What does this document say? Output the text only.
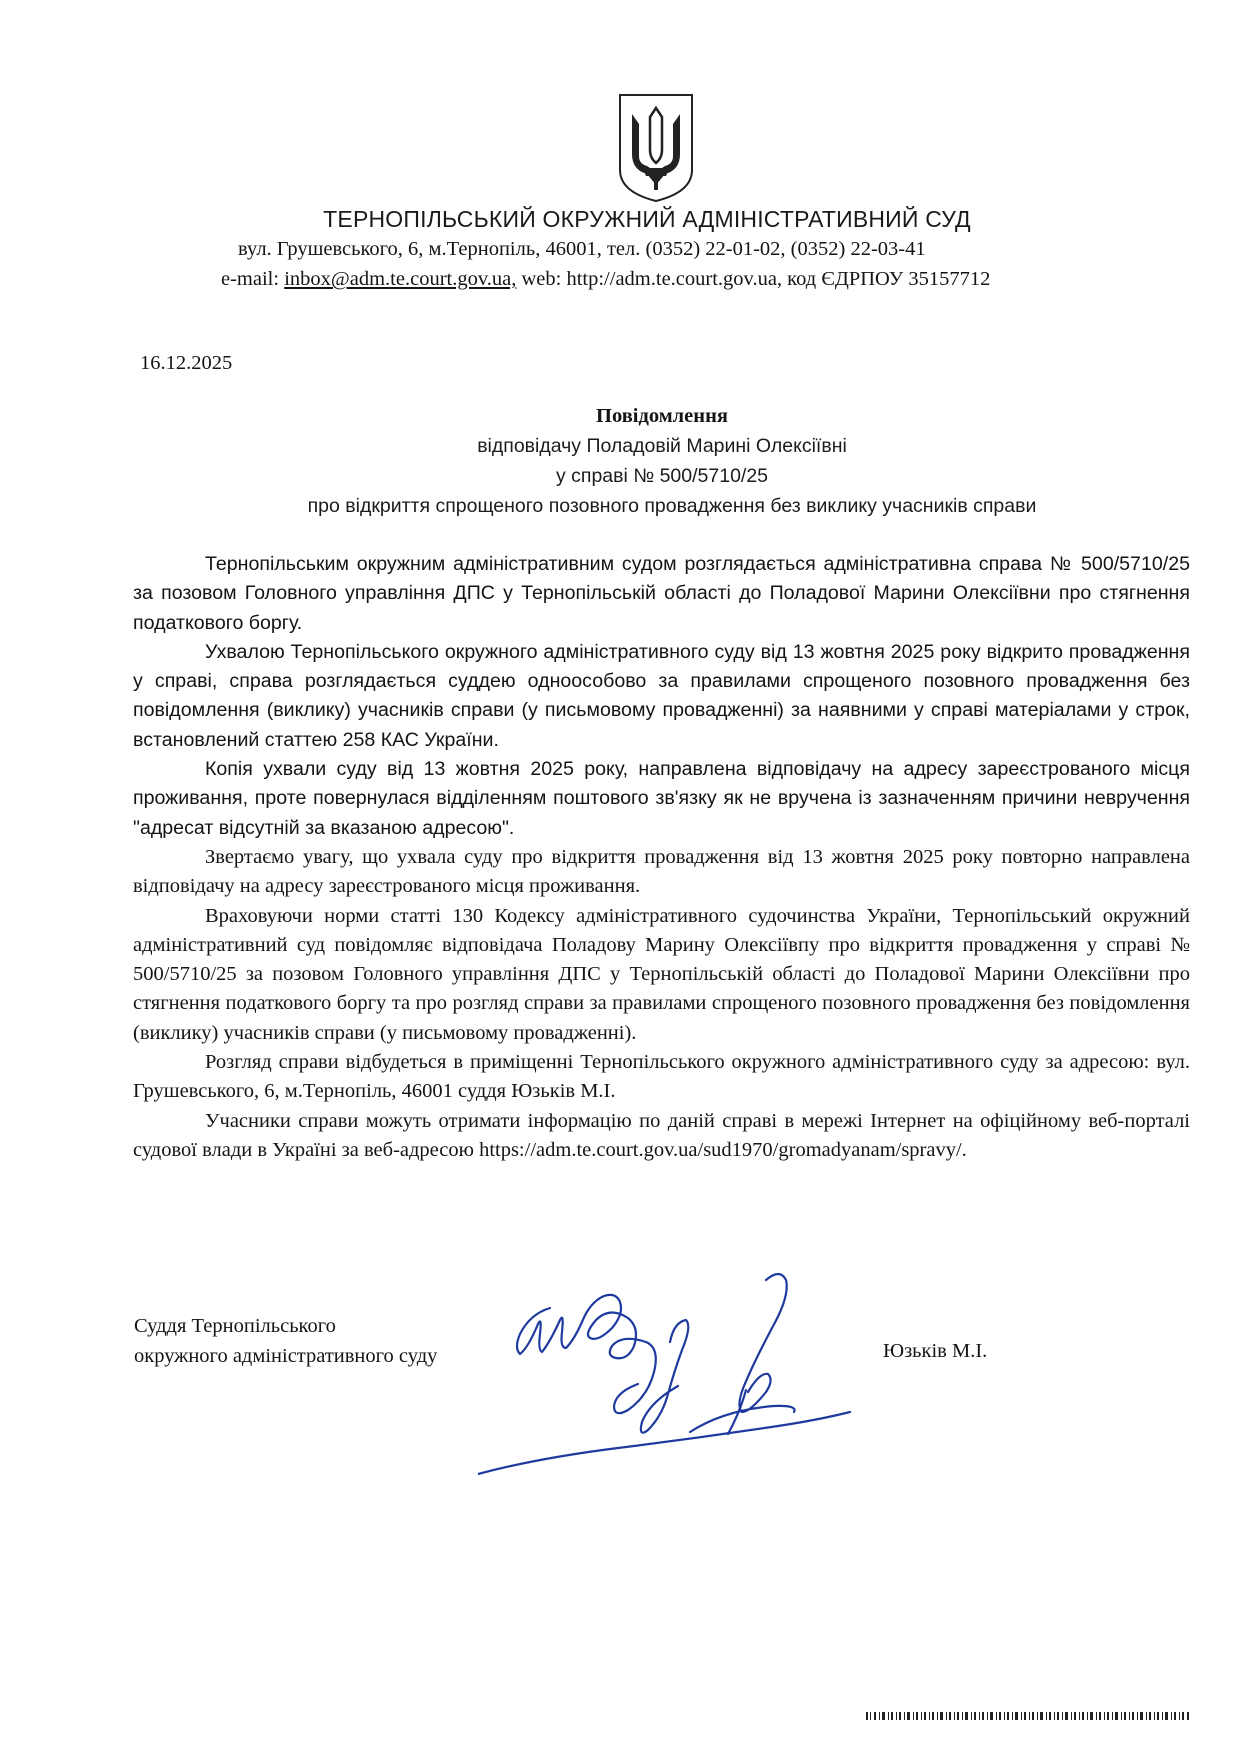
ТЕРНОПІЛЬСЬКИЙ ОКРУЖНИЙ АДМІНІСТРАТИВНИЙ СУД
вул. Грушевського, 6, м.Тернопіль, 46001, тел. (0352) 22-01-02, (0352) 22-03-41
e-mail: inbox@adm.te.court.gov.ua, web: http://adm.te.court.gov.ua, код ЄДРПОУ 35157712
16.12.2025
Повідомлення
відповідачу Поладовій Марині Олексіївні
у справі № 500/5710/25
про відкриття спрощеного позовного провадження без виклику учасників справи

Тернопільським окружним адміністративним судом розглядається адміністративна справа № 500/5710/25 за позовом Головного управління ДПС у Тернопільській області до Поладової Марини Олексіївни про стягнення податкового боргу.

Ухвалою Тернопільського окружного адміністративного суду від 13 жовтня 2025 року відкрито провадження у справі, справа розглядається суддею одноособово за правилами спрощеного позовного провадження без повідомлення (виклику) учасників справи (у письмовому провадженні) за наявними у справі матеріалами у строк, встановлений статтею 258 КАС України.

Копія ухвали суду від 13 жовтня 2025 року, направлена відповідачу на адресу зареєстрованого місця проживання, проте повернулася відділенням поштового зв'язку як не вручена із зазначенням причини невручення "адресат відсутній за вказаною адресою".

Звертаємо увагу, що ухвала суду про відкриття провадження від 13 жовтня 2025 року повторно направлена відповідачу на адресу зареєстрованого місця проживання.

Враховуючи норми статті 130 Кодексу адміністративного судочинства України, Тернопільський окружний адміністративний суд повідомляє відповідача Поладову Марину Олексіївпу про відкриття провадження у справі № 500/5710/25 за позовом Головного управління ДПС у Тернопільській області до Поладової Марини Олексіївни про стягнення податкового боргу та про розгляд справи за правилами спрощеного позовного провадження без повідомлення (виклику) учасників справи (у письмовому провадженні).

Розгляд справи відбудеться в приміщенні Тернопільського окружного адміністративного суду за адресою: вул. Грушевського, 6, м.Тернопіль, 46001 суддя Юзьків М.І.

Учасники справи можуть отримати інформацію по даній справі в мережі Інтернет на офіційному веб-порталі судової влади в Україні за веб-адресою https://adm.te.court.gov.ua/sud1970/gromadyanam/spravy/.

Суддя Тернопільського
окружного адміністративного суду	Юзьків М.І.
